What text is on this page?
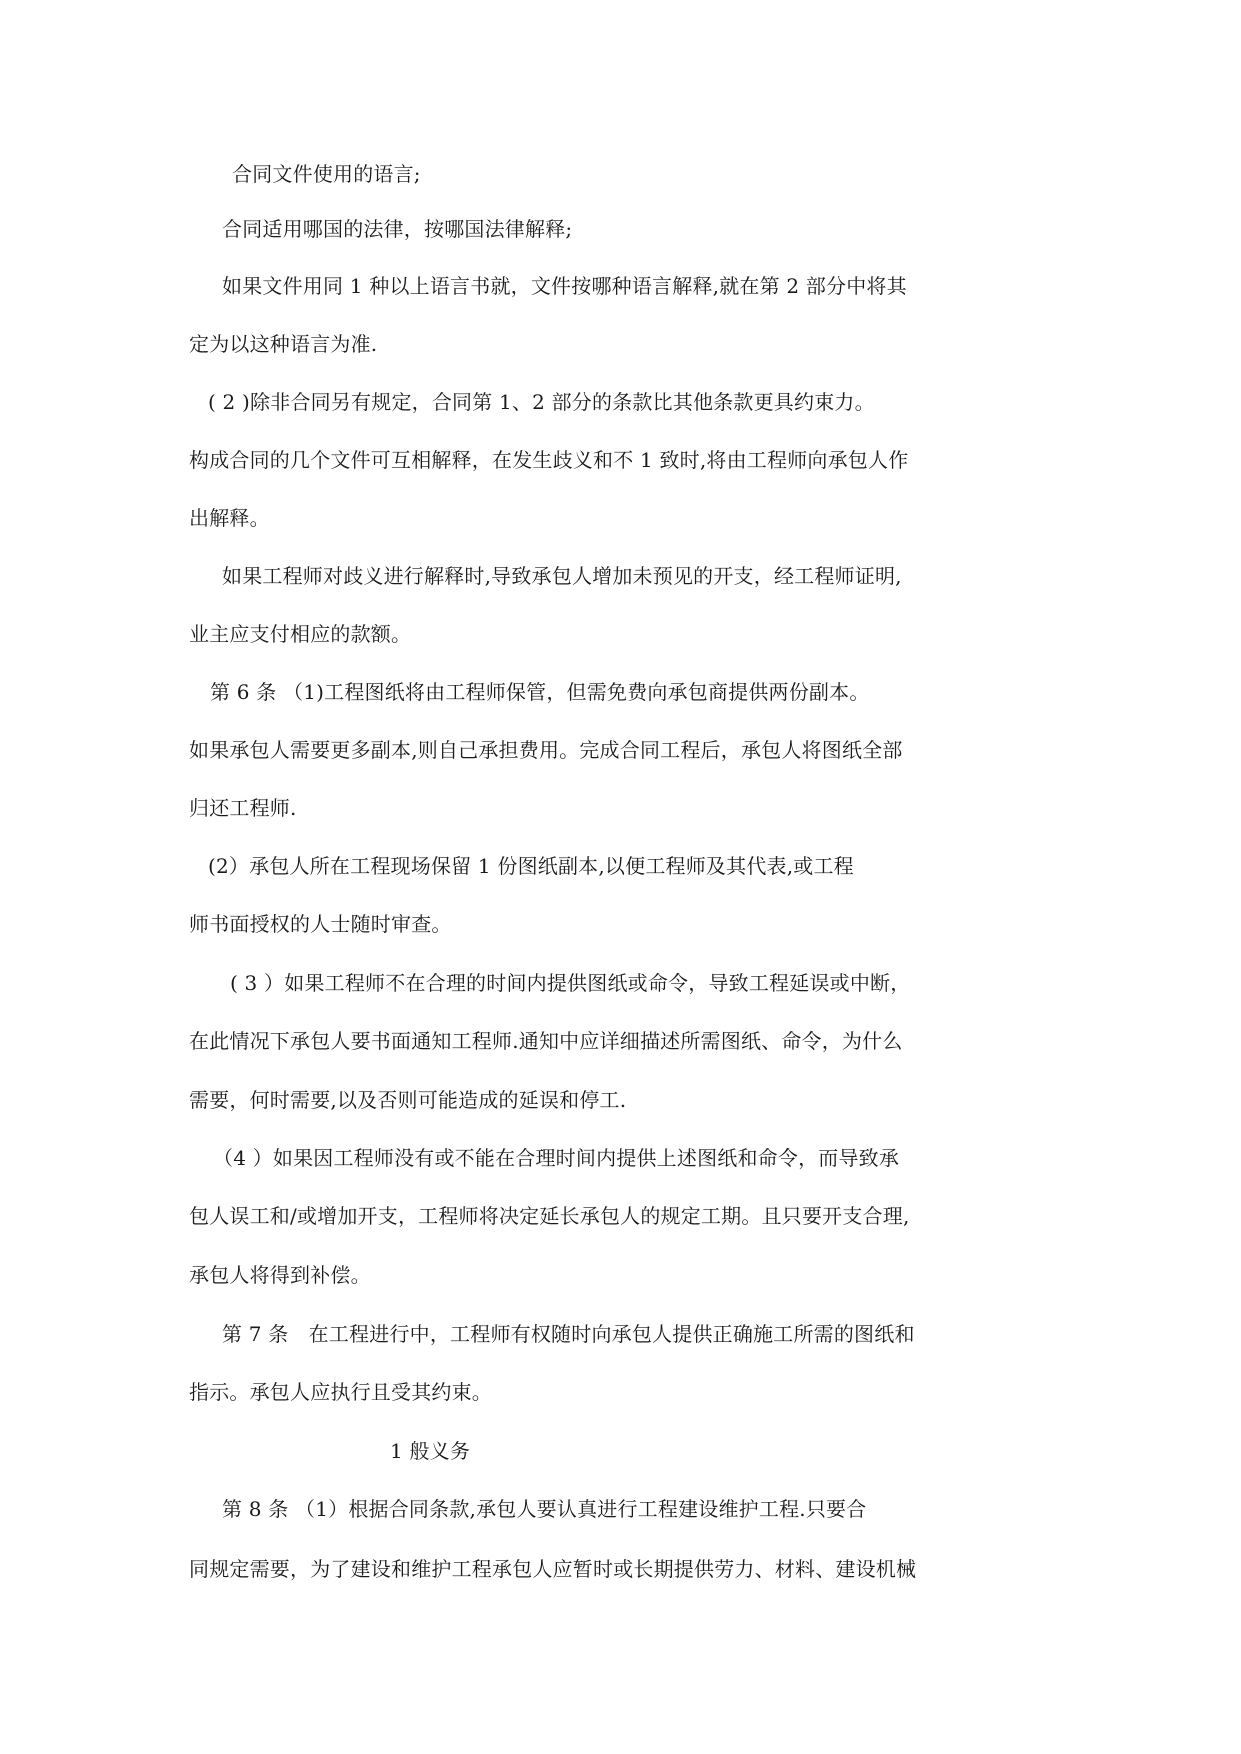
合同文件使用的语言;
合同适用哪国的法律，按哪国法律解释;
如果文件用同 1 种以上语言书就，文件按哪种语言解释,就在第 2 部分中将其
定为以这种语言为准.
( 2 )除非合同另有规定，合同第 1、2 部分的条款比其他条款更具约束力。
构成合同的几个文件可互相解释，在发生歧义和不 1 致时,将由工程师向承包人作
出解释。
如果工程师对歧义进行解释时,导致承包人增加未预见的开支，经工程师证明,
业主应支付相应的款额。
第 6 条 （1)工程图纸将由工程师保管，但需免费向承包商提供两份副本。
如果承包人需要更多副本,则自己承担费用。完成合同工程后，承包人将图纸全部
归还工程师.
(2）承包人所在工程现场保留 1 份图纸副本,以便工程师及其代表,或工程
师书面授权的人士随时审查。
( 3 ）如果工程师不在合理的时间内提供图纸或命令，导致工程延误或中断，
在此情况下承包人要书面通知工程师.通知中应详细描述所需图纸、命令，为什么
需要，何时需要,以及否则可能造成的延误和停工.
（4 ）如果因工程师没有或不能在合理时间内提供上述图纸和命令，而导致承
包人误工和/或增加开支，工程师将决定延长承包人的规定工期。且只要开支合理,
承包人将得到补偿。
第 7 条　在工程进行中，工程师有权随时向承包人提供正确施工所需的图纸和
指示。承包人应执行且受其约束。
1 般义务
第 8 条 （1）根据合同条款,承包人要认真进行工程建设维护工程.只要合
同规定需要，为了建设和维护工程承包人应暂时或长期提供劳力、材料、建设机械
